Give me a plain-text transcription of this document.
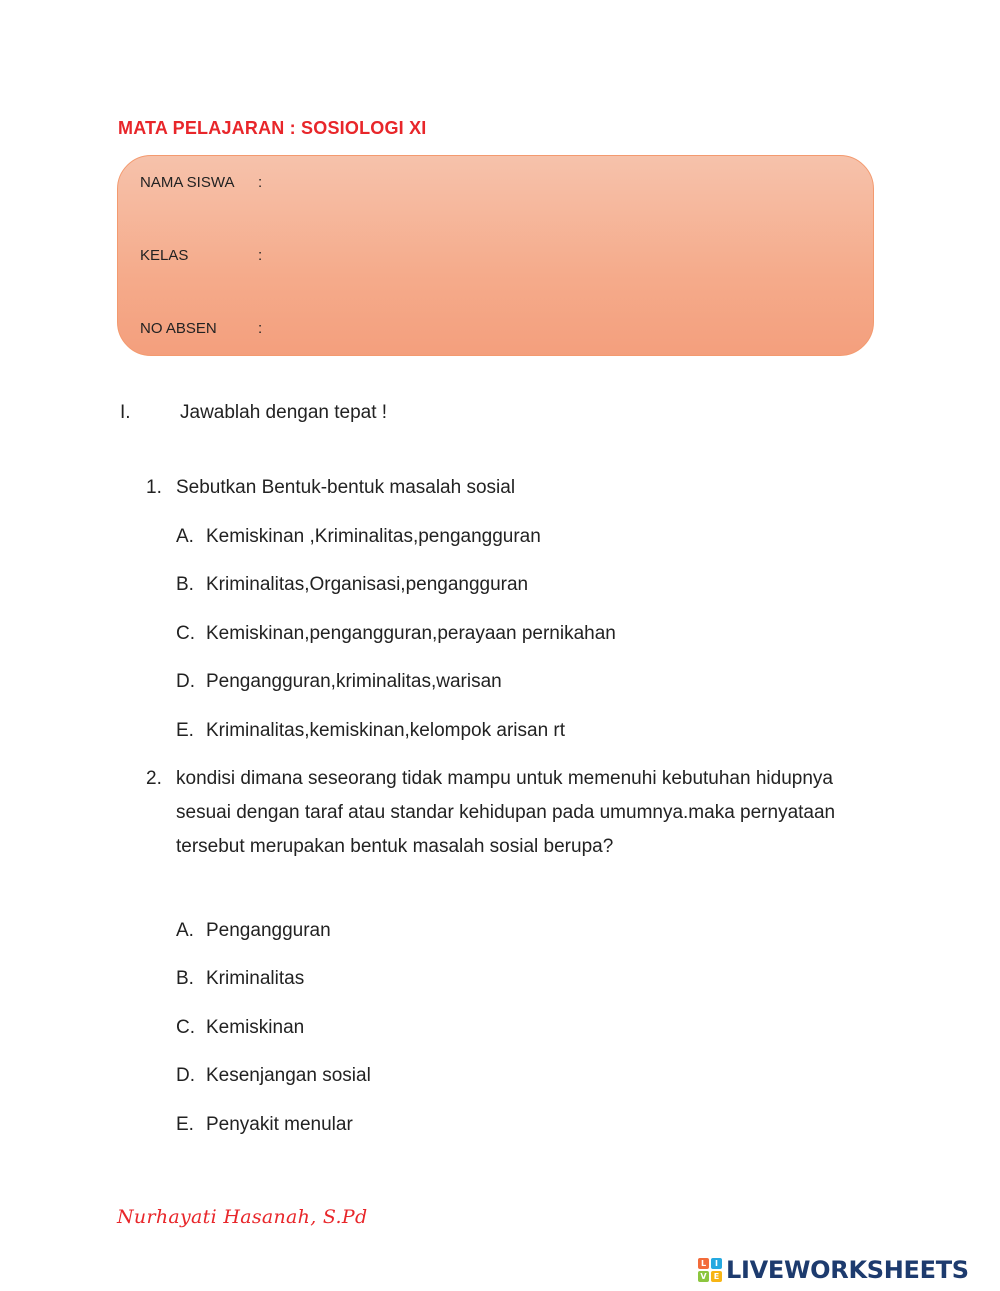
MATA PELAJARAN : SOSIOLOGI XI
NAMA SISWA :
KELAS	:
NO ABSEN	:
I.	Jawablah dengan tepat !
1. Sebutkan Bentuk-bentuk masalah sosial
A. Kemiskinan ,Kriminalitas,pengangguran
B. Kriminalitas,Organisasi,pengangguran
C. Kemiskinan,pengangguran,perayaan pernikahan
D. Pengangguran,kriminalitas,warisan
E. Kriminalitas,kemiskinan,kelompok arisan rt
2. kondisi dimana seseorang tidak mampu untuk memenuhi kebutuhan hidupnya
sesuai dengan taraf atau standar kehidupan pada umumnya.maka pernyataan
tersebut merupakan bentuk masalah sosial berupa?
A. Pengangguran
B. Kriminalitas
C. Kemiskinan
D. Kesenjangan sosial
E. Penyakit menular
Nurhayati Hasanah, S.Pd
L	I
V E LIVEWORKSHEETS
